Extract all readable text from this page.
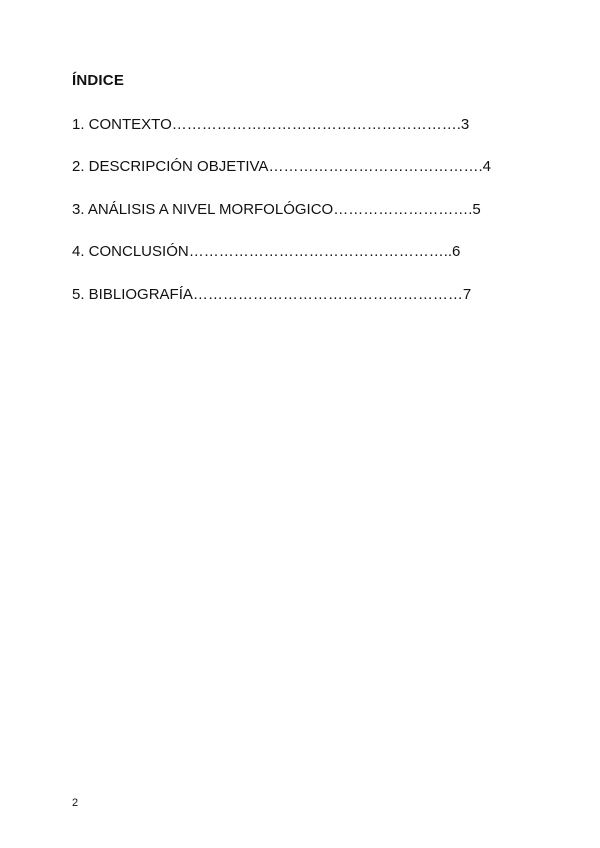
ÍNDICE

1. CONTEXTO………………………………………………….3

2. DESCRIPCIÓN OBJETIVA…………………………………….4

3. ANÁLISIS A NIVEL MORFOLÓGICO……………………….5

4. CONCLUSIÓN……………………………………………..6

5. BIBLIOGRAFÍA………………………………………………7

2
